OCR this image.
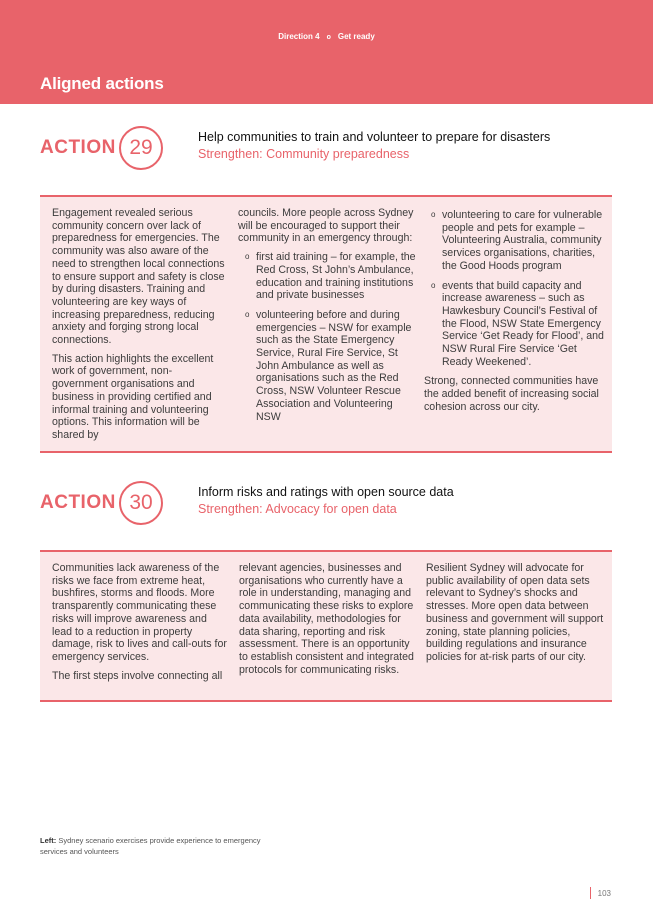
Direction 4 o Get ready
Aligned actions
ACTION 29	Help communities to train and volunteer to prepare for disasters
Strengthen: Community preparedness

Engagement revealed serious community concern over lack of preparedness for emergencies. The community was also aware of the need to strengthen local connections to ensure support and safety is close by during disasters. Training and volunteering are key ways of increasing preparedness, reducing anxiety and forging strong local connections.

This action highlights the excellent work of government, non-government organisations and business in providing certified and informal training and volunteering options. This information will be shared by

councils. More people across Sydney will be encouraged to support their community in an emergency through:

o first aid training – for example, the Red Cross, St John’s Ambulance, education and training institutions and private businesses
o volunteering before and during emergencies – NSW for example such as the State Emergency Service, Rural Fire Service, St John Ambulance as well as organisations such as the Red Cross, NSW Volunteer Rescue Association and Volunteering NSW
o volunteering to care for vulnerable people and pets for example – Volunteering Australia, community services organisations, charities, the Good Hoods program
o events that build capacity and increase awareness – such as Hawkesbury Council’s Festival of the Flood, NSW State Emergency Service ‘Get Ready for Flood’, and NSW Rural Fire Service ‘Get Ready Weekened’.

Strong, connected communities have the added benefit of increasing social cohesion across our city.

ACTION 30	Inform risks and ratings with open source data
Strengthen: Advocacy for open data

Communities lack awareness of the risks we face from extreme heat, bushfires, storms and floods. More transparently communicating these risks will improve awareness and lead to a reduction in property damage, risk to lives and call-outs for emergency services.

The first steps involve connecting all

relevant agencies, businesses and organisations who currently have a role in understanding, managing and communicating these risks to explore data availability, methodologies for data sharing, reporting and risk assessment. There is an opportunity to establish consistent and integrated protocols for communicating risks.

Resilient Sydney will advocate for public availability of open data sets relevant to Sydney’s shocks and stresses. More open data between business and government will support zoning, state planning policies, building regulations and insurance policies for at-risk parts of our city.

Left: Sydney scenario exercises provide experience to emergency services and volunteers
103
